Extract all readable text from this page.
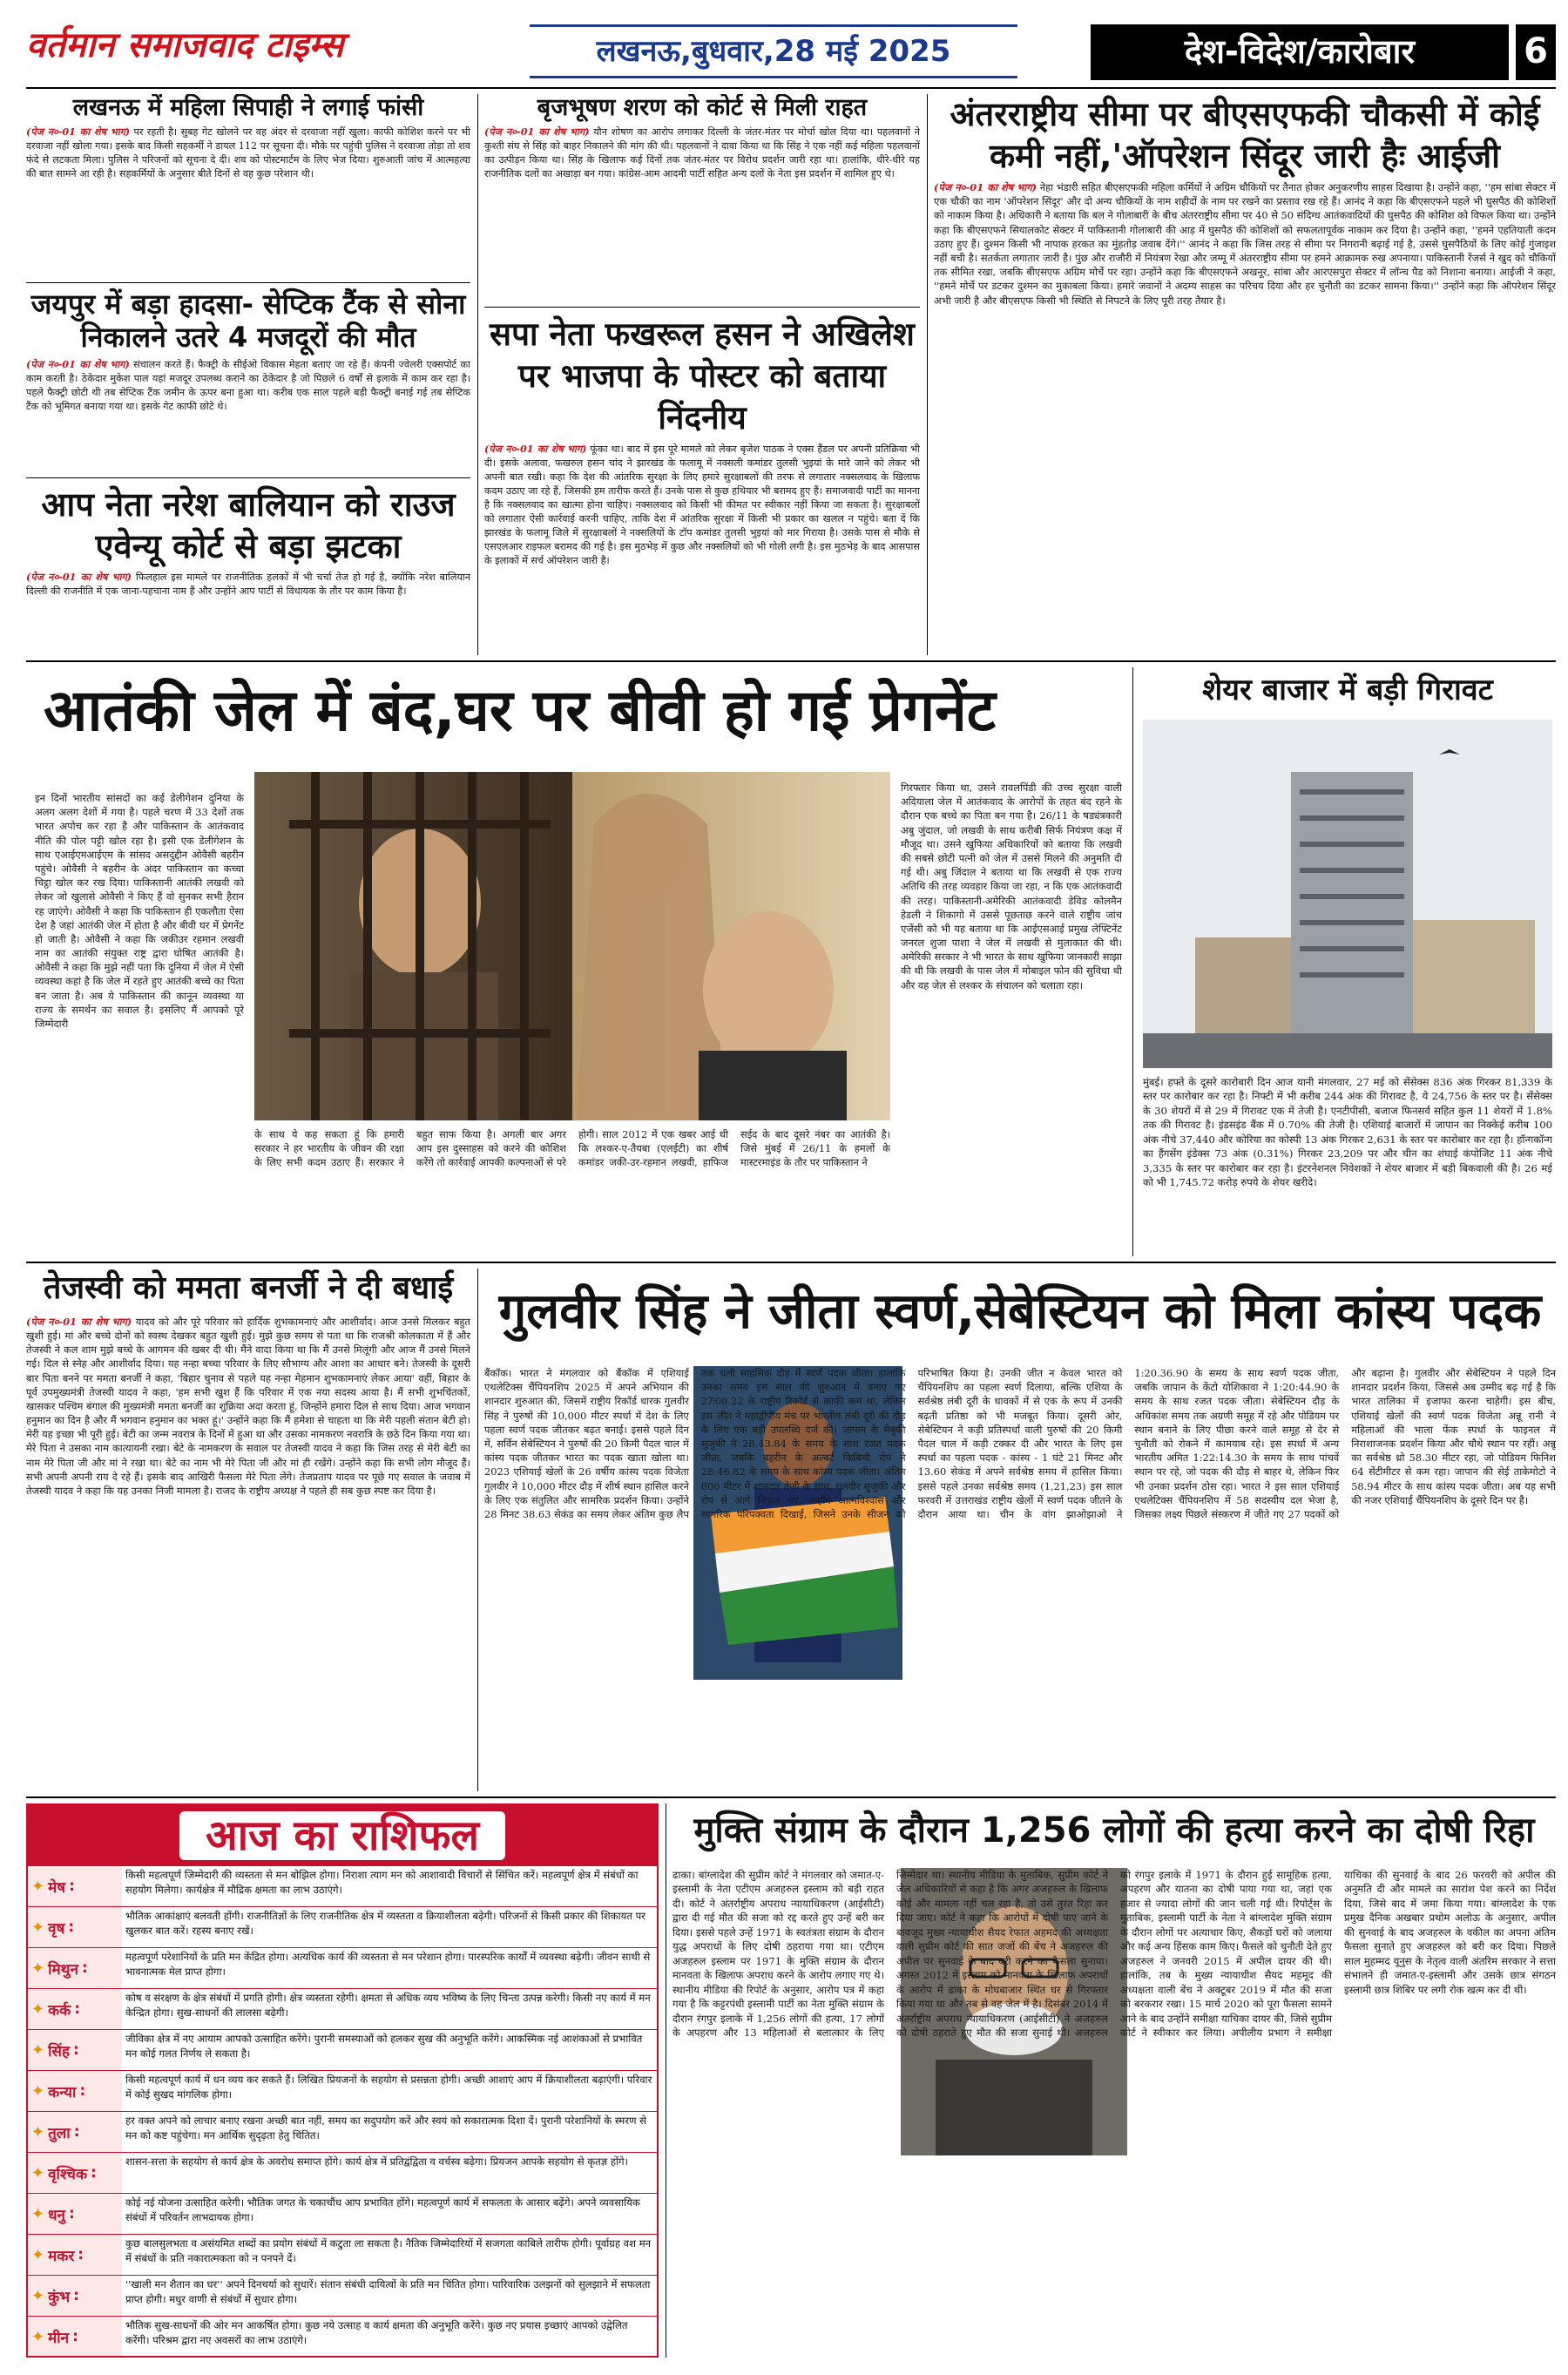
वर्तमान समाजवाद टाइम्स	लखनऊ,बुधवार,28 मई 2025	देश-विदेश/कारोबार	6
लखनऊ में महिला सिपाही ने लगाई फांसी
(पेज न०-01 का शेष भाग) पर रहती है। सुबह गेट खोलने पर वह अंदर से दरवाजा नहीं खुला। काफी कोशिश करने पर भी दरवाजा नहीं खोला गया। इसके बाद किसी सहकर्मी ने डायल 112 पर सूचना दी। मौके पर पहुंची पुलिस ने दरवाजा तोड़ा तो शव फंदे से लटकता मिला। पुलिस ने परिजनों को सूचना दे दी। शव को पोस्टमार्टम के लिए भेज दिया। शुरुआती जांच में आत्महत्या की बात सामने आ रही है। सहकर्मियों के अनुसार बीते दिनों से वह कुछ परेशान थी।
जयपुर में बड़ा हादसा- सेप्टिक टैंक से सोना निकालने उतरे 4 मजदूरों की मौत
(पेज न०-01 का शेष भाग) संचालन करते हैं। फैक्ट्री के सीईओ विकास मेहता बताए जा रहे हैं। कंपनी ज्वेलरी एक्सपोर्ट का काम करती है। ठेकेदार मुकेश पाल यहां मजदूर उपलब्ध कराने का ठेकेदार है जो पिछले 6 वर्षों से इलाके में काम कर रहा है। पहले फैक्ट्री छोटी थी तब सेप्टिक टैंक जमीन के ऊपर बना हुआ था। करीब एक साल पहले बड़ी फैक्ट्री बनाई गई तब सेप्टिक टैंक को भूमिगत बनाया गया था। इसके गेट काफी छोटे थे।
आप नेता नरेश बालियान को राउज एवेन्यू कोर्ट से बड़ा झटका
(पेज न०-01 का शेष भाग) फिलहाल इस मामले पर राजनीतिक हलकों में भी चर्चा तेज हो गई है, क्योंकि नरेश बालियान दिल्ली की राजनीति में एक जाना-पहचाना नाम हैं और उन्होंने आप पार्टी से विधायक के तौर पर काम किया है।
बृजभूषण शरण को कोर्ट से मिली राहत
(पेज न०-01 का शेष भाग) यौन शोषण का आरोप लगाकर दिल्ली के जंतर-मंतर पर मोर्चा खोल दिया था। पहलवानों ने कुश्ती संघ से सिंह को बाहर निकालने की मांग की थी। पहलवानों ने दावा किया था कि सिंह ने एक नहीं कई महिला पहलवानों का उत्पीड़न किया था। सिंह के खिलाफ कई दिनों तक जंतर-मंतर पर विरोध प्रदर्शन जारी रहा था। हालांकि, धीरे-धीरे यह राजनीतिक दलों का अखाड़ा बन गया। कांग्रेस-आम आदमी पार्टी सहित अन्य दलों के नेता इस प्रदर्शन में शामिल हुए थे।
सपा नेता फखरूल हसन ने अखिलेश पर भाजपा के पोस्टर को बताया निंदनीय
(पेज न०-01 का शेष भाग) फूंका था। बाद में इस पूरे मामले को लेकर बृजेश पाठक ने एक्स हैंडल पर अपनी प्रतिक्रिया भी दी। इसके अलावा, फखरुल हसन चांद ने झारखंड के फलामू में नक्सली कमांडर तुलसी भुइयां के मारे जाने को लेकर भी अपनी बात रखी। कहा कि देश की आंतरिक सुरक्षा के लिए हमारे सुरक्षाबलों की तरफ से लगातार नक्सलवाद के खिलाफ कदम उठाए जा रहे हैं, जिसकी हम तारीफ करते हैं। उनके पास से कुछ हथियार भी बरामद हुए हैं। समाजवादी पार्टी का मानना है कि नक्सलवाद का खात्मा होना चाहिए। नक्सलवाद को किसी भी कीमत पर स्वीकार नहीं किया जा सकता है। सुरक्षाबलों को लगातार ऐसी कार्रवाई करनी चाहिए, ताकि देश में आंतरिक सुरक्षा में किसी भी प्रकार का खलल न पहुंचे। बता दें कि झारखंड के फलामू जिले में सुरक्षाबलों ने नक्सलियों के टॉप कमांडर तुलसी भुइयां को मार गिराया है। उसके पास से मौके से एसएलआर राइफल बरामद की गई है। इस मुठभेड़ में कुछ और नक्सलियों को भी गोली लगी है। इस मुठभेड़ के बाद आसपास के इलाकों में सर्च ऑपरेशन जारी है।
अंतरराष्ट्रीय सीमा पर बीएसएफकी चौकसी में कोई कमी नहीं,'ऑपरेशन सिंदूर जारी हैः आईजी
(पेज न०-01 का शेष भाग) नेहा भंडारी सहित बीएसएफकी महिला कर्मियों ने अग्रिम चौकियों पर तैनात होकर अनुकरणीय साहस दिखाया है। उन्होंने कहा, ''हम सांबा सेक्टर में एक चौकी का नाम 'ऑपरेशन सिंदूर' और दो अन्य चौकियों के नाम शहीदों के नाम पर रखने का प्रस्ताव रख रहे हैं। आनंद ने कहा कि बीएसएफने पहले भी घुसपैठ की कोशिशों को नाकाम किया है। अधिकारी ने बताया कि बल ने गोलाबारी के बीच अंतरराष्ट्रीय सीमा पर 40 से 50 संदिग्ध आतंकवादियों की घुसपैठ की कोशिश को विफल किया था। उन्होंने कहा कि बीएसएफने सियालकोट सेक्टर में पाकिस्तानी गोलाबारी की आड़ में घुसपैठ की कोशिशों को सफलतापूर्वक नाकाम कर दिया है। उन्होंने कहा, ''हमने एहतियाती कदम उठाए हुए हैं। दुश्मन किसी भी नापाक हरकत का मुंहतोड़ जवाब देंगे।'' आनंद ने कहा कि जिस तरह से सीमा पर निगरानी बढ़ाई गई है, उससे घुसपैठियों के लिए कोई गुंजाइश नहीं बची है। सतर्कता लगातार जारी है। पुंछ और राजौरी में नियंत्रण रेखा और जम्मू में अंतरराष्ट्रीय सीमा पर हमने आक्रामक रुख अपनाया। पाकिस्तानी रेंजर्स ने खुद को चौकियों तक सीमित रखा, जबकि बीएसएफ अग्रिम मोर्चे पर रहा। उन्होंने कहा कि बीएसएफने अखनूर, सांबा और आरएसपुरा सेक्टर में लॉन्च पैड को निशाना बनाया। आईजी ने कहा, ''हमने मोर्चे पर डटकर दुश्मन का मुकाबला किया। हमारे जवानों ने अदम्य साहस का परिचय दिया और हर चुनौती का डटकर सामना किया।'' उन्होंने कहा कि ऑपरेशन सिंदूर अभी जारी है और बीएसएफ किसी भी स्थिति से निपटने के लिए पूरी तरह तैयार है।
आतंकी जेल में बंद,घर पर बीवी हो गई प्रेगनेंट
इन दिनों भारतीय सांसदों का कई डेलीगेशन दुनिया के अलग अलग देशों में गया है। पहले चरण में 33 देशों तक भारत अपोच कर रहा है और पाकिस्तान के आतंकवाद नीति की पोल पट्टी खोल रहा है। इसी एक डेलीगेशन के साथ एआईएमआईएम के सांसद असदुद्दीन ओवैसी बहरीन पहुंचे। ओवैसी ने बहरीन के अंदर पाकिस्तान का कच्चा चिट्ठा खोल कर रख दिया। पाकिस्तानी आतंकी लखवी को लेकर जो खुलासे ओवैसी ने किए हैं वो सुनकर सभी हैरान रह जाएंगे। ओवैसी ने कहा कि पाकिस्तान ही एकलौता ऐसा देश है जहां आतंकी जेल में होता है और बीवी घर में प्रेगनेंट हो जाती है। ओवैसी ने कहा कि जकीउर रहमान लखवी नाम का आतंकी संयुक्त राष्ट्र द्वारा घोषित आतंकी है। ओवैसी ने कहा कि मुझे नहीं पता कि दुनिया में जेल में ऐसी व्यवस्था कहां है कि जेल में रहते हुए आतंकी बच्चे का पिता बन जाता है। अब ये पाकिस्तान की कानून व्यवस्था या राज्य के समर्थन का सवाल है। इसलिए मैं आपको पूरे जिम्मेदारी
के साथ ये कह सकता हूं कि हमारी सरकार ने हर भारतीय के जीवन की रक्षा के लिए सभी कदम उठाए हैं। सरकार ने बहुत साफ किया है। अगली बार अगर आप इस दुस्साहस को करने की कोशिश करेंगे तो कार्रवाई आपकी कल्पनाओं से परे होगी। साल 2012 में एक खबर आई थी कि लश्कर-ए-तैयबा (एलईटी) का शीर्ष कमांडर जकी-उर-रहमान लखवी, हाफिज सईद के बाद दूसरे नंबर का आतंकी है। जिसे मुंबई में 26/11 के हमलों के मास्टरमाइंड के तौर पर पाकिस्तान ने
गिरफ्तार किया था, उसने रावलपिंडी की उच्च सुरक्षा वाली अदियाला जेल में आतंकवाद के आरोपों के तहत बंद रहने के दौरान एक बच्चे का पिता बन गया है। 26/11 के षड्यंत्रकारी अबु जुंदाल, जो लखवी के साथ करीबी सिर्फ नियंत्रण कक्ष में मौजूद था। उसने खुफिया अधिकारियों को बताया कि लखवी की सबसे छोटी पत्नी को जेल में उससे मिलने की अनुमति दी गई थी। अबु जिंदाल ने बताया था कि लखवी से एक राज्य अतिथि की तरह व्यवहार किया जा रहा, न कि एक आतंकवादी की तरह। पाकिस्तानी-अमेरिकी आतंकवादी डेविड कोलमैन हेडली ने शिकागो में उससे पूछताछ करने वाले राष्ट्रीय जांच एजेंसी को भी यह बताया था कि आईएसआई प्रमुख लेफ्टिनेंट जनरल शुजा पाशा ने जेल में लखवी से मुलाकात की थी। अमेरिकी सरकार ने भी भारत के साथ खुफिया जानकारी साझा की थी कि लखवी के पास जेल में मोबाइल फोन की सुविधा थी और वह जेल से लश्कर के संचालन को चलाता रहा।
शेयर बाजार में बड़ी गिरावट
मुंबई। हफ्ते के दूसरे कारोबारी दिन आज यानी मंगलवार, 27 मई को सेंसेक्स 836 अंक गिरकर 81,339 के स्तर पर कारोबार कर रहा है। निफ्टी में भी करीब 244 अंक की गिरावट है, ये 24,756 के स्तर पर है। सेंसेक्स के 30 शेयरों में से 29 में गिरावट एक में तेजी है। एनटीपीसी, बजाज फिनसर्व सहित कुल 11 शेयरों में 1.8% तक की गिरावट है। इंडसइंड बैंक में 0.70% की तेजी है। एशियाई बाजारों में जापान का निक्केई करीब 100 अंक नीचे 37,440 और कोरिया का कोस्पी 13 अंक गिरकर 2,631 के स्तर पर कारोबार कर रहा है। हॉन्गकॉन्ग का हैंगसेंग इंडेक्स 73 अंक (0.31%) गिरकर 23,209 पर और चीन का शंघाई कंपोजिट 11 अंक नीचे 3,335 के स्तर पर कारोबार कर रहा है। इंटरनेशनल निवेशकों ने शेयर बाजार में बड़ी बिकवाली की है। 26 मई को भी 1,745.72 करोड़ रुपये के शेयर खरीदे।
तेजस्वी को ममता बनर्जी ने दी बधाई
(पेज न०-01 का शेष भाग) यादव को और पूरे परिवार को हार्दिक शुभकामनाएं और आशीर्वाद। आज उनसे मिलकर बहुत खुशी हुई। मां और बच्चे दोनों को स्वस्थ देखकर बहुत खुशी हुई। मुझे कुछ समय से पता था कि राजश्री कोलकाता में हैं और तेजस्वी ने कल शाम मुझे बच्चे के आगमन की खबर दी थी। मैंने वादा किया था कि मैं उनसे मिलूंगी और आज मैं उनसे मिलने गई। दिल से स्नेह और आशीर्वाद दिया। यह नन्हा बच्चा परिवार के लिए सौभाग्य और आशा का आधार बने। तेजस्वी के दूसरी बार पिता बनने पर ममता बनर्जी ने कहा, 'बिहार चुनाव से पहले यह नन्हा मेहमान शुभकामनाएं लेकर आया' वहीं, बिहार के पूर्व उपमुख्यमंत्री तेजस्वी यादव ने कहा, 'हम सभी खुश हैं कि परिवार में एक नया सदस्य आया है। मैं सभी शुभचिंतकों, खासकर पश्चिम बंगाल की मुख्यमंत्री ममता बनर्जी का शुक्रिया अदा करता हूं, जिन्होंने हमारा दिल से साथ दिया। आज भगवान हनुमान का दिन है और मैं भगवान हनुमान का भक्त हूं।' उन्होंने कहा कि मैं हमेशा से चाहता था कि मेरी पहली संतान बेटी हो। मेरी यह इच्छा भी पूरी हुई। बेटी का जन्म नवरात्र के दिनों में हुआ था और उसका नामकरण नवरात्रि के छठे दिन किया गया था। मेरे पिता ने उसका नाम कात्यायनी रखा। बेटे के नामकरण के सवाल पर तेजस्वी यादव ने कहा कि जिस तरह से मेरी बेटी का नाम मेरे पिता जी और मां ने रखा था। बेटे का नाम भी मेरे पिता जी और मां ही रखेंगे। उन्होंने कहा कि सभी लोग मौजूद हैं। सभी अपनी अपनी राय दे रहे हैं। इसके बाद आखिरी फैसला मेरे पिता लेंगे। तेजप्रताप यादव पर पूछे गए सवाल के जवाब में तेजस्वी यादव ने कहा कि यह उनका निजी मामला है। राजद के राष्ट्रीय अध्यक्ष ने पहले ही सब कुछ स्पष्ट कर दिया है।
गुलवीर सिंह ने जीता स्वर्ण,सेबेस्टियन को मिला कांस्य पदक
बैंकॉक। भारत ने मंगलवार को बैंकॉक में एशियाई एथलेटिक्स चैंपियनशिप 2025 में अपने अभियान की शानदार शुरुआत की, जिसमें राष्ट्रीय रिकॉर्ड धारक गुलवीर सिंह ने पुरुषों की 10,000 मीटर स्पर्धा में देश के लिए पहला स्वर्ण पदक जीतकर बढ़त बनाई। इससे पहले दिन में, सर्विन सेबेस्टियन ने पुरुषों की 20 किमी पैदल चाल में कांस्य पदक जीतकर भारत का पदक खाता खोला था। 2023 एशियाई खेलों के 26 वर्षीय कांस्य पदक विजेता गुलवीर ने 10,000 मीटर दौड़ में शीर्ष स्थान हासिल करने के लिए एक संतुलित और सामरिक प्रदर्शन किया। उन्होंने 28 मिनट 38.63 सेकंड का समय लेकर अंतिम कुछ लैप तक चली साहसिक दौड़ में स्वर्ण पदक जीता। हालांकि उनका समय इस साल की शुरुआत में बनाए गए 27ः00.22 के राष्ट्रीय रिकॉर्ड से काफी कम था, लेकिन इस जीत ने महाद्वीपीय मंच पर भारतीय लंबी दूरी की दौड़ के लिए एक बड़ी उपलब्धि दर्ज की। जापान के मेबुकी सुजुकी ने 28.43.84 के समय के साथ रजत पदक जीता, जबकि बहरीन के अल्बर्ट किबिची रोप ने 28:46.82 के समय के साथ कांस्य पदक जीता। अंतिम 800 मीटर में शानदार तेजी के साथ, गुलवीर सुजुकी और रोप से आगे निकल गए, उन्होंने आत्मविश्वास और सामरिक परिपक्वता दिखाई, जिसने उनके सीजन को परिभाषित किया है। उनकी जीत न केवल भारत को चैंपियनशिप का पहला स्वर्ण दिलाया, बल्कि एशिया के सर्वश्रेष्ठ लंबी दूरी के धावकों में से एक के रूप में उनकी बढ़ती प्रतिष्ठा को भी मजबूत किया। दूसरी ओर, सेबेस्टियन ने कड़ी प्रतिस्पर्धा वाली पुरुषों की 20 किमी पैदल चाल में कड़ी टक्कर दी और भारत के लिए इस स्पर्धा का पहला पदक - कांस्य - 1 घंटे 21 मिनट और 13.60 सेकंड में अपने सर्वश्रेष्ठ समय में हासिल किया। इससे पहले उनका सर्वश्रेष्ठ समय (1,21,23) इस साल फरवरी में उत्तराखंड राष्ट्रीय खेलों में स्वर्ण पदक जीतने के दौरान आया था। चीन के वांग झाओझाओ ने 1:20.36.90 के समय के साथ स्वर्ण पदक जीता, जबकि जापान के केंटो योशिकावा ने 1:20:44.90 के समय के साथ रजत पदक जीता। सेबेस्टियन दौड़ के अधिकांश समय तक अग्रणी समूह में रहे और पोडियम पर स्थान बनाने के लिए पीछा करने वाले समूह से देर से चुनौती को रोकने में कामयाब रहे। इस स्पर्धा में अन्य भारतीय अमित 1:22:14.30 के समय के साथ पांचवें स्थान पर रहे, जो पदक की दौड़ से बाहर थे, लेकिन फिर भी उनका प्रदर्शन ठोस रहा। भारत ने इस साल एशियाई एथलेटिक्स चैंपियनशिप में 58 सदस्यीय दल भेजा है, जिसका लक्ष्य पिछले संस्करण में जीते गए 27 पदकों को और बढ़ाना है। गुलवीर और सेबेस्टियन ने पहले दिन शानदार प्रदर्शन किया, जिससे अब उम्मीद बढ़ गई है कि भारत तालिका में इजाफा करना चाहेगी। इस बीच, एशियाई खेलों की स्वर्ण पदक विजेता अन्नू रानी ने महिलाओं की भाला फेंक स्पर्धा के फाइनल में निराशाजनक प्रदर्शन किया और चौथे स्थान पर रहीं। अन्नू का सर्वश्रेष्ठ थ्रो 58.30 मीटर रहा, जो पोडियम फिनिश 64 सेंटीमीटर से कम रहा। जापान की सेई ताकेमोटो ने 58.94 मीटर के साथ कांस्य पदक जीता। अब यह सभी की नजर एशियाई चैंपियनशिप के दूसरे दिन पर है।
आज का राशिफल
✦ मेष :
किसी महत्वपूर्ण जिम्मेदारी की व्यस्तता से मन बोझिल होगा। निराशा त्याग मन को आशावादी विचारों से सिंचित करें। महत्वपूर्ण क्षेत्र में संबंधों का सहयोग मिलेगा। कार्यक्षेत्र में मौद्रिक क्षमता का लाभ उठाएंगे।
✦ वृष :
भौतिक आकांक्षाएं बलवती होंगी। राजनीतिज्ञों के लिए राजनीतिक क्षेत्र में व्यस्तता व क्रियाशीलता बढ़ेगी। परिजनों से किसी प्रकार की शिकायत पर खुलकर बात करें। रहस्य बनाए रखें।
✦ मिथुन :
महत्वपूर्ण परेशानियों के प्रति मन केंद्रित होगा। अत्यधिक कार्य की व्यस्तता से मन परेशान होगा। पारस्परिक कार्यों में व्यवस्था बढ़ेगी। जीवन साथी से भावनात्मक मेल प्राप्त होगा।
✦ कर्क :
कोष व संरक्षण के क्षेत्र संबंधों में प्रगति होगी। क्षेत्र व्यस्तता रहेगी। क्षमता से अधिक व्यय भविष्य के लिए चिन्ता उत्पन्न करेगी। किसी नए कार्य में मन केन्द्रित होगा। सुख-साधनों की लालसा बढ़ेगी।
✦ सिंह :
जीविका क्षेत्र में नए आयाम आपको उत्साहित करेंगे। पुरानी समस्याओं को हलकर सुख की अनुभूति करेंगे। आकस्मिक नई आशंकाओं से प्रभावित मन कोई गलत निर्णय ले सकता है।
✦ कन्या :
किसी महत्वपूर्ण कार्य में धन व्यय कर सकते हैं। लिखित प्रियजनों के सहयोग से प्रसन्नता होगी। अच्छी आशाएं आप में क्रियाशीलता बढ़ाएंगी। परिवार में कोई सुखद मांगलिक होगा।
✦ तुला :
हर वक्त अपने को लाचार बनाए रखना अच्छी बात नहीं, समय का सदुपयोग करें और स्वयं को सकारात्मक दिशा दें। पुरानी परेशानियों के स्मरण से मन को कष्ट पहुंचेगा। मन आर्थिक सुदृढ़ता हेतु चिंतित।
✦ वृश्चिक :
शासन-सत्ता के सहयोग से कार्य क्षेत्र के अवरोध समाप्त होंगे। कार्य क्षेत्र में प्रतिद्वंद्विता व वर्चस्व बढ़ेगा। प्रियजन आपके सहयोग से कृतज्ञ होंगे।
✦ धनु :
कोई नई योजना उत्साहित करेगी। भौतिक जगत के चकाचौंध आप प्रभावित होंगे। महत्वपूर्ण कार्य में सफलता के आसार बढ़ेंगे। अपने व्यवसायिक संबंधों में परिवर्तन लाभदायक होगा।
✦ मकर :
कुछ बालसुलभता व असंयमित शब्दों का प्रयोग संबंधों में कटुता ला सकता है। नैतिक जिम्मेदारियों में सजगता काबिले तारीफ होगी। पूर्वाग्रह वश मन में संबंधों के प्रति नकारात्मकता को न पनपने दें।
✦ कुंभ :
''खाली मन शैतान का घर'' अपने दिनचर्या को सुधारें। संतान संबंधी दायित्वों के प्रति मन चिंतित होगा। पारिवारिक उलझनों को सुलझाने में सफलता प्राप्त होगी। मधुर वाणी से संबंधों में सुधार होगा।
✦ मीन :
भौतिक सुख-साधनों की ओर मन आकर्षित होगा। कुछ नये उत्साह व कार्य क्षमता की अनुभूति करेंगे। कुछ नए प्रयास इच्छाएं आपको उद्वेलित करेंगी। परिश्रम द्वारा नए अवसरों का लाभ उठाएंगे।
मुक्ति संग्राम के दौरान 1,256 लोगों की हत्या करने का दोषी रिहा
ढाका। बांग्लादेश की सुप्रीम कोर्ट ने मंगलवार को जमात-ए-इस्लामी के नेता एटीएम अजहरुल इस्लाम को बड़ी राहत दी। कोर्ट ने अंतर्राष्ट्रीय अपराध न्यायाधिकरण (आईसीटी) द्वारा दी गई मौत की सजा को रद्द करते हुए उन्हें बरी कर दिया। इससे पहले उन्हें 1971 के स्वतंत्रता संग्राम के दौरान युद्ध अपराधों के लिए दोषी ठहराया गया था। एटीएम अजहरुल इस्लाम पर 1971 के मुक्ति संग्राम के दौरान मानवता के खिलाफ अपराध करने के आरोप लगाए गए थे। स्थानीय मीडिया की रिपोर्ट के अनुसार, आरोप पत्र में कहा गया है कि कट्टरपंथी इस्लामी पार्टी का नेता मुक्ति संग्राम के दौरान रंगपुर इलाके में 1,256 लोगों की हत्या, 17 लोगों के अपहरण और 13 महिलाओं से बलात्कार के लिए जिम्मेदार था। स्थानीय मीडिया के मुताबिक, सुप्रीम कोर्ट ने जेल अधिकारियों से कहा है कि अगर अजहरुल के खिलाफ कोई और मामला नहीं चल रहा है, तो उसे तुरंत रिहा कर दिया जाए। कोर्ट ने कहा कि आरोपों में दोषी पाए जाने के बावजूद मुख्य न्यायाधीश सैयद रेफात अहमद की अध्यक्षता वाली सुप्रीम कोर्ट की सात जजों की बेंच ने अजहरुल की अपील पर सुनवाई के बाद बरी करने का फैसला सुनाया। अगस्त 2012 में इस्लाम को मानवता के खिलाफ अपराधों के आरोप में ढाका के मोघबाजार स्थित घर से गिरफ्तार किया गया था और तब से वह जेल में है। दिसंबर 2014 में अंतर्राष्ट्रीय अपराध न्यायाधिकरण (आईसीटी) ने अजहरुल को दोषी ठहराते हुए मौत की सजा सुनाई थी। अजहरुल को रंगपुर इलाके में 1971 के दौरान हुई सामूहिक हत्या, अपहरण और यातना का दोषी पाया गया था, जहां एक हजार से ज्यादा लोगों की जान चली गई थी। रिपोर्ट्स के मुताबिक, इस्लामी पार्टी के नेता ने बांग्लादेश मुक्ति संग्राम के दौरान लोगों पर अत्याचार किए, सैकड़ों घरों को जलाया और कई अन्य हिंसक काम किए। फैसले को चुनौती देते हुए अजहरुल ने जनवरी 2015 में अपील दायर की थी। हालांकि, तब के मुख्य न्यायाधीश सैयद महमूद की अध्यक्षता वाली बेंच ने अक्टूबर 2019 में मौत की सजा को बरकरार रखा। 15 मार्च 2020 को पूरा फैसला सामने आने के बाद उन्होंने समीक्षा याचिका दायर की, जिसे सुप्रीम कोर्ट ने स्वीकार कर लिया। अपीलीय प्रभाग ने समीक्षा याचिका की सुनवाई के बाद 26 फरवरी को अपील की अनुमति दी और मामले का सारांश पेश करने का निर्देश दिया, जिसे बाद में जमा किया गया। बांग्लादेश के एक प्रमुख दैनिक अखबार प्रथोम अलोऊ के अनुसार, अपील की सुनवाई के बाद अजहरुल के वकील का अपना अंतिम फैसला सुनाते हुए अजहरुल को बरी कर दिया। पिछले साल मुहम्मद यूनुस के नेतृत्व वाली अंतरिम सरकार ने सत्ता संभालने ही जमात-ए-इस्लामी और उसके छात्र संगठन इस्लामी छात्र शिबिर पर लगी रोक खत्म कर दी थी।
